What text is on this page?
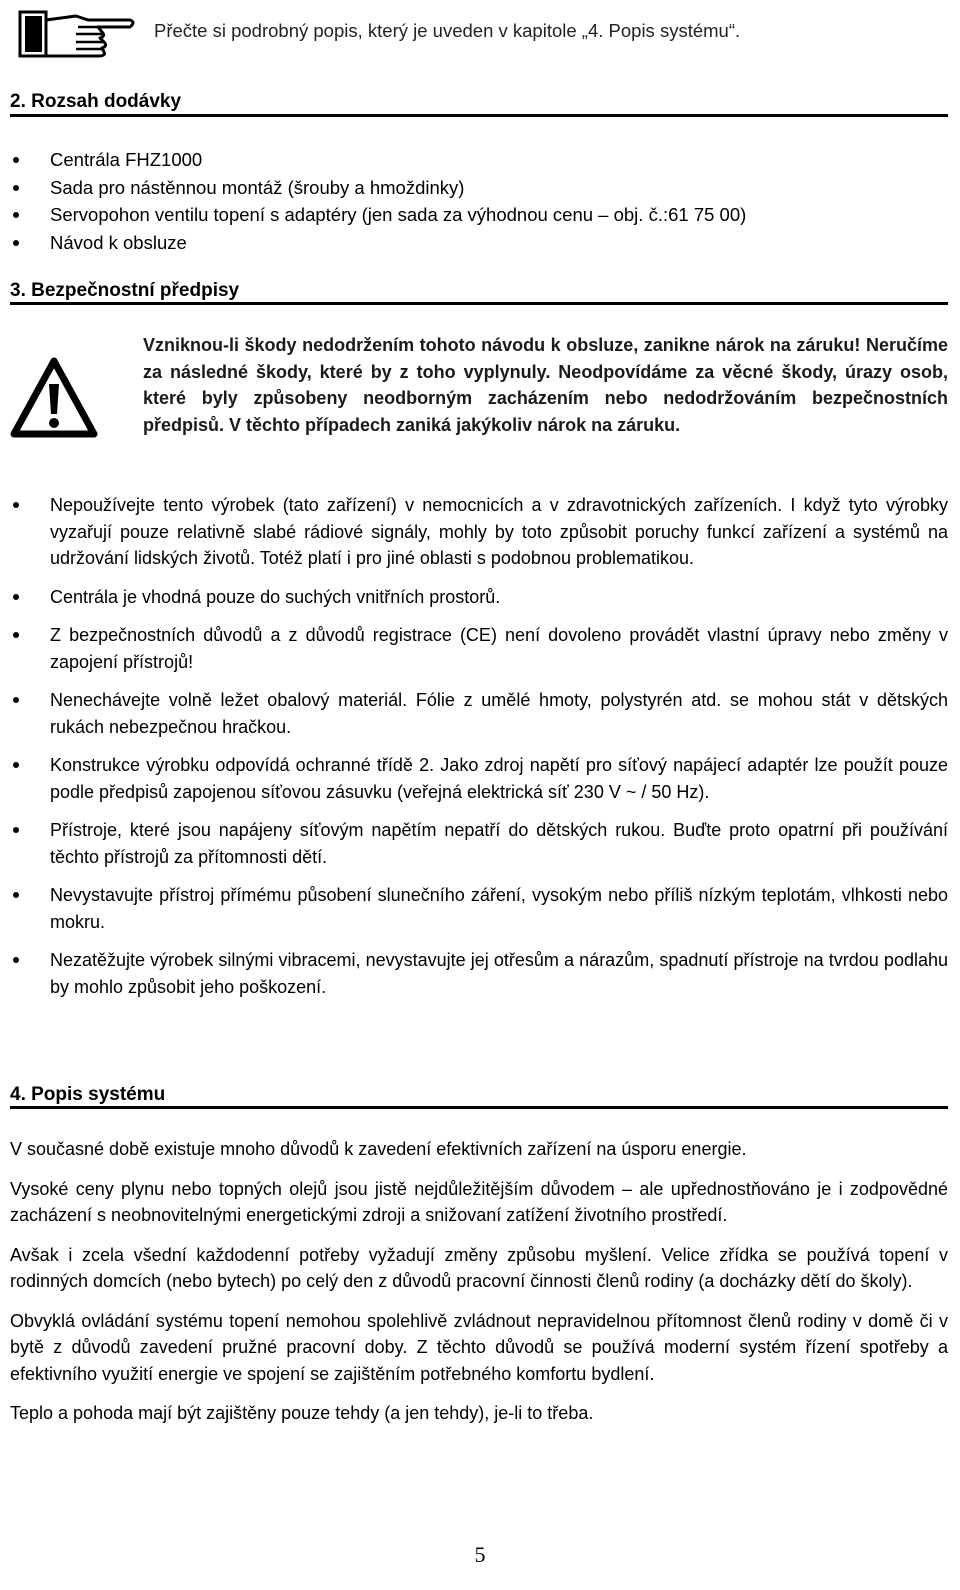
Přečte si podrobný popis, který je uveden v kapitole „4. Popis systému“.
2. Rozsah dodávky
Centrála FHZ1000
Sada pro nástěnnou montáž (šrouby a hmoždinky)
Servopohon ventilu topení s adaptéry (jen sada za výhodnou cenu – obj. č.:61 75 00)
Návod k obsluze
3. Bezpečnostní předpisy
Vzniknou-li škody nedodržením tohoto návodu k obsluze, zanikne nárok na záruku! Neručíme za následné škody, které by z toho vyplynuly. Neodpovídáme za věcné škody, úrazy osob, které byly způsobeny neodborným zacházením nebo nedodržováním bezpečnostních předpisů. V těchto případech zaniká jakýkoliv nárok na záruku.
Nepoužívejte tento výrobek (tato zařízení) v nemocnicích a v zdravotnických zařízeních. I když tyto výrobky vyzařují pouze relativně slabé rádiové signály, mohly by toto způsobit poruchy funkcí zařízení a systémů na udržování lidských životů. Totéž platí i pro jiné oblasti s podobnou problematikou.
Centrála je vhodná pouze do suchých vnitřních prostorů.
Z bezpečnostních důvodů a z důvodů registrace (CE) není dovoleno provádět vlastní úpravy nebo změny v zapojení přístrojů!
Nenechávejte volně ležet obalový materiál. Fólie z umělé hmoty, polystyrén atd. se mohou stát v dětských rukách nebezpečnou hračkou.
Konstrukce výrobku odpovídá ochranné třídě 2. Jako zdroj napětí pro síťový napájecí adaptér lze použít pouze podle předpisů zapojenou síťovou zásuvku (veřejná elektrická síť 230 V ~ / 50 Hz).
Přístroje, které jsou napájeny síťovým napětím nepatří do dětských rukou. Buďte proto opatrní při používání těchto přístrojů za přítomnosti dětí.
Nevystavujte přístroj přímému působení slunečního záření, vysokým nebo příliš nízkým teplotám, vlhkosti nebo mokru.
Nezatěžujte výrobek silnými vibracemi, nevystavujte jej otřesům a nárazům, spadnutí přístroje na tvrdou podlahu by mohlo způsobit jeho poškození.
4. Popis systému

V současné době existuje mnoho důvodů k zavedení efektivních zařízení na úsporu energie.

Vysoké ceny plynu nebo topných olejů jsou jistě nejdůležitějším důvodem – ale upřednostňováno je i zodpovědné zacházení s neobnovitelnými energetickými zdroji a snižovaní zatížení životního prostředí.

Avšak i zcela všední každodenní potřeby vyžadují změny způsobu myšlení. Velice zřídka se používá topení v rodinných domcích (nebo bytech) po celý den z důvodů pracovní činnosti členů rodiny (a docházky dětí do školy).

Obvyklá ovládání systému topení nemohou spolehlivě zvládnout nepravidelnou přítomnost členů rodiny v domě či v bytě z důvodů zavedení pružné pracovní doby. Z těchto důvodů se používá moderní systém řízení spotřeby a efektivního využití energie ve spojení se zajištěním potřebného komfortu bydlení.

Teplo a pohoda mají být zajištěny pouze tehdy (a jen tehdy), je-li to třeba.

5
